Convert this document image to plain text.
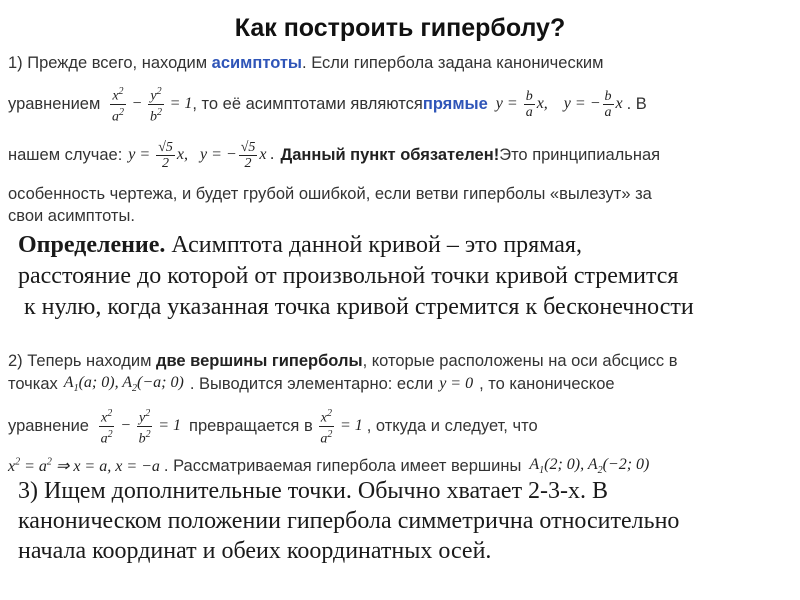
Как построить гиперболу?
1) Прежде всего, находим асимптоты. Если гипербола задана каноническим
уравнением $\frac{x^2}{a^2} - \frac{y^2}{b^2} = 1$ , то её асимптотами являются прямые $y = \frac{b}{a} x$,    y = − $\frac{b}{a}$ x . В
нашем случае: $y = \frac{√5}{2} x$,   y = − $\frac{√5}{2}$ x . Данный пункт обязателен! Это принципиальная
особенность чертежа, и будет грубой ошибкой, если ветви гиперболы «вылезут» за
свои асимптоты.
Определение. Асимптота данной кривой – это прямая,
расстояние до которой от произвольной точки кривой стремится
к нулю, когда указанная точка кривой стремится к бесконечности
2) Теперь находим две вершины гиперболы, которые расположены на оси абсцисс в
точках $A_1(a$; 0), $A_2(-a$; 0) . Выводится элементарно: если y = 0 , то каноническое
уравнение $\frac{x^2}{a^2} - \frac{y^2}{b^2} = 1$ превращается в $\frac{x^2}{a^2} = 1$ , откуда и следует, что
$x^2 = a^2$ ⇒ x = a, x = −a . Рассматриваемая гипербола имеет вершины $A_1(2$; 0), $A_2(-2$; 0)
3) Ищем дополнительные точки. Обычно хватает 2-3-х. В
каноническом положении гипербола симметрична относительно
начала координат и обеих координатных осей.
